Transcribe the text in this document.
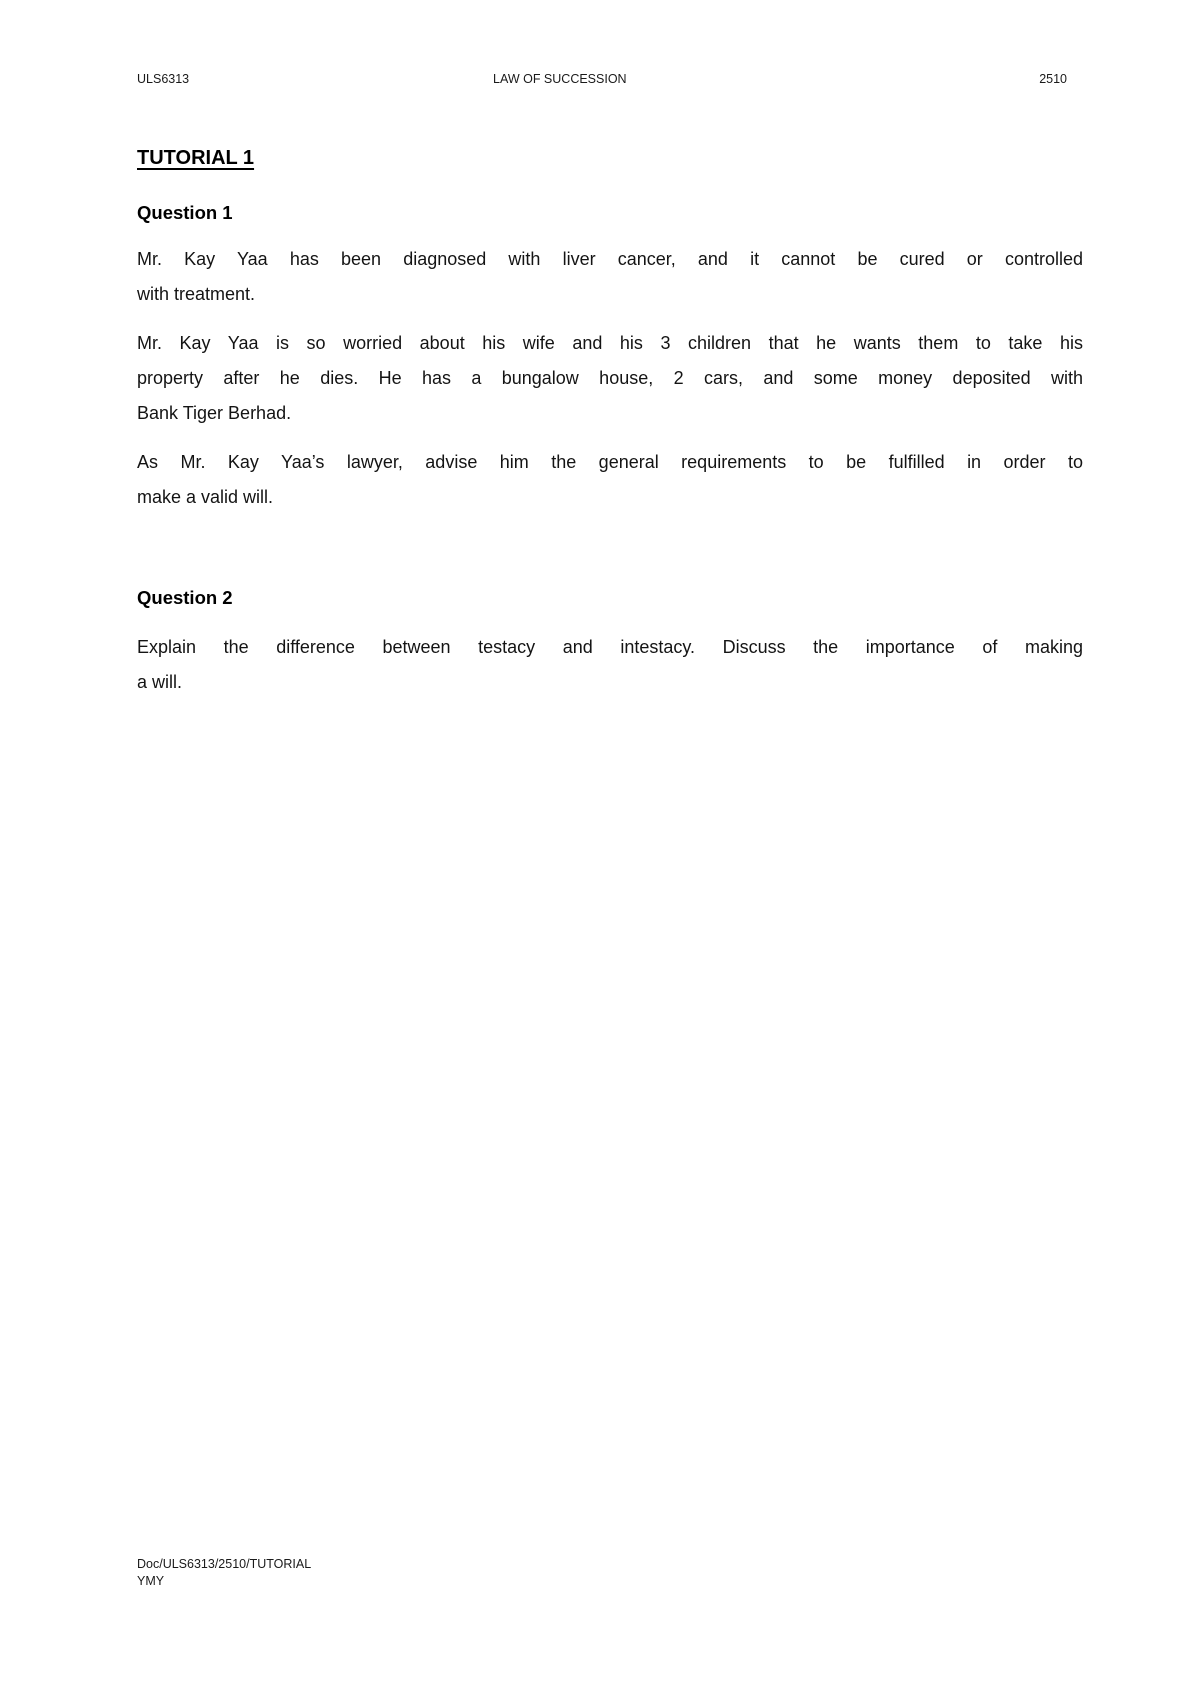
ULS6313	LAW OF SUCCESSION	2510
TUTORIAL 1
Question 1
Mr. Kay Yaa has been diagnosed with liver cancer, and it cannot be cured or controlled
with treatment.
Mr. Kay Yaa is so worried about his wife and his 3 children that he wants them to take his
property after he dies. He has a bungalow house, 2 cars, and some money deposited with
Bank Tiger Berhad.
As Mr. Kay Yaa’s lawyer, advise him the general requirements to be fulfilled in order to
make a valid will.
Question 2
Explain the difference between testacy and intestacy. Discuss the importance of making
a will.
Doc/ULS6313/2510/TUTORIAL
YMY
